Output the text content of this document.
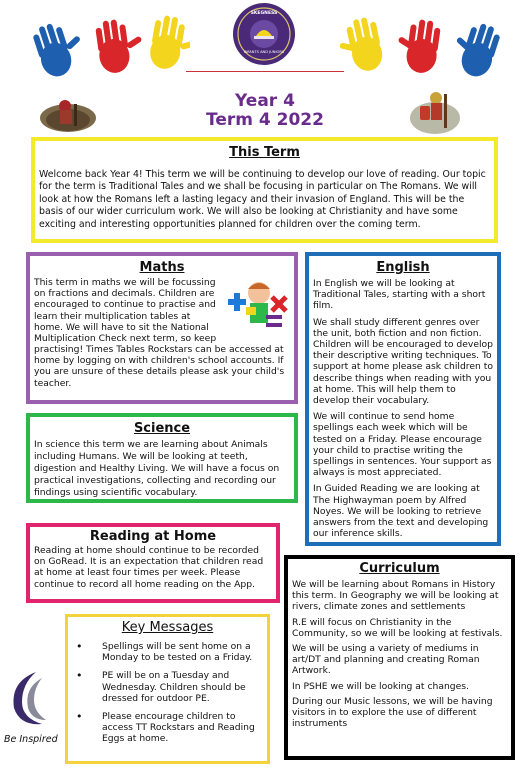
SKEGNESS
INFANTS AND JUNIORS
Year 4
Term 4 2022
This Term
Welcome back Year 4! This term we will be continuing to develop our love of reading. Our topic for the term is Traditional Tales and we shall be focusing in particular on The Romans. We will look at how the Romans left a lasting legacy and their invasion of England. This will be the basis of our wider curriculum work. We will also be looking at Christianity and have some exciting and interesting opportunities planned for children over the coming term.
Maths
This term in maths we will be focussing on fractions and decimals. Children are encouraged to continue to practise and learn their multiplication tables at home. We will have to sit the National Multiplication Check next term, so keep
practising! Times Tables Rockstars can be accessed at home by logging on with children's school accounts. If you are unsure of these details please ask your child's teacher.
English

In English we will be looking at Traditional Tales, starting with a short film.

We shall study different genres over the unit, both fiction and non fiction. Children will be encouraged to develop their descriptive writing techniques. To support at home please ask children to describe things when reading with you at home. This will help them to develop their vocabulary.

We will continue to send home spellings each week which will be tested on a Friday. Please encourage your child to practise writing the spellings in sentences. Your support as always is most appreciated.

In Guided Reading we are looking at The Highwayman poem by Alfred Noyes. We will be looking to retrieve answers from the text and developing our inference skills.

Science
In science this term we are learning about Animals including Humans. We will be looking at teeth, digestion and Healthy Living. We will have a focus on practical investigations, collecting and recording our findings using scientific vocabulary.
Reading at Home
Reading at home should continue to be recorded on GoRead. It is an expectation that children read at home at least four times per week. Please continue to record all home reading on the App.
Curriculum

We will be learning about Romans in History this term. In Geography we will be looking at rivers, climate zones and settlements

R.E will focus on Christianity in the Community, so we will be looking at festivals.

We will be using a variety of mediums in art/DT and planning and creating Roman Artwork.

In PSHE we will be looking at changes.

During our Music lessons, we will be having visitors in to explore the use of different instruments

Key Messages
• Spellings will be sent home on a Monday to be tested on a Friday.
• PE will be on a Tuesday and Wednesday. Children should be dressed for outdoor PE.
• Please encourage children to access TT Rockstars and Reading Eggs at home.
Be Inspired
